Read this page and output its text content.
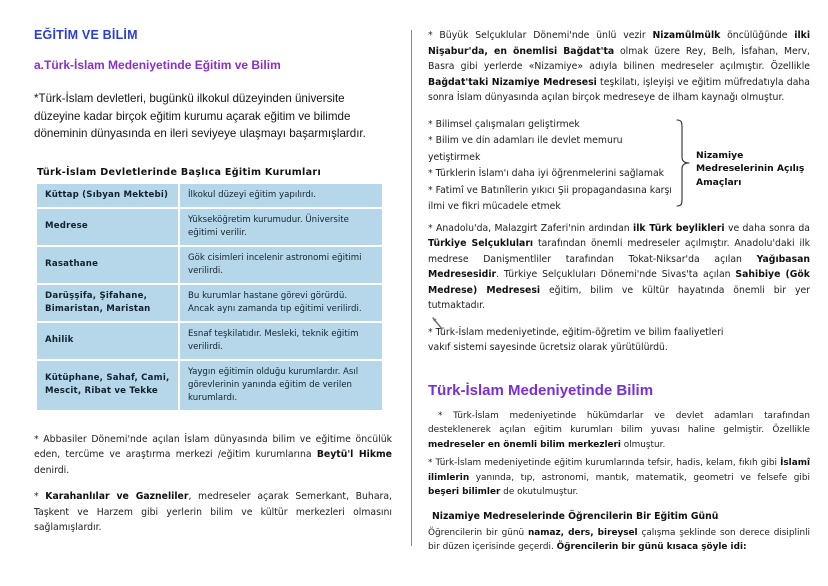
EĞİTİM VE BİLİM
a.Türk-İslam Medeniyetinde Eğitim ve Bilim

*Türk-İslam devletleri, bugünkü ilkokul düzeyinden üniversite düzeyine kadar birçok eğitim kurumu açarak eğitim ve bilimde döneminin dünyasında en ileri seviyeye ulaşmayı başarmışlardır.

Türk-İslam Devletlerinde Başlıca Eğitim Kurumları
Küttap (Sıbyan Mektebi)	İlkokul düzeyi eğitim yapılırdı.
Medrese	Yükseköğretim kurumudur. Üniversite eğitimi verilir.
Rasathane	Gök cisimleri incelenir astronomi eğitimi verilirdi.
Darüşşifa, Şifahane, Bimaristan, Maristan	Bu kurumlar hastane görevi görürdü. Ancak aynı zamanda tıp eğitimi verilirdi.
Ahilik	Esnaf teşkilatıdır. Mesleki, teknik eğitim verilirdi.
Kütüphane, Sahaf, Cami, Mescit, Ribat ve Tekke	Yaygın eğitimin olduğu kurumlardır. Asıl görevlerinin yanında eğitim de verilen kurumlardı.

* Abbasiler Dönemi'nde açılan İslam dünyasında bilim ve eğitime öncülük eden, tercüme ve araştırma merkezi /eğitim kurumlarına Beytü'l Hikme denirdi.

* Karahanlılar ve Gazneliler, medreseler açarak Semerkant, Buhara, Taşkent ve Harzem gibi yerlerin bilim ve kültür merkezleri olmasını sağlamışlardır.

* Büyük Selçuklular Dönemi'nde ünlü vezir Nizamülmülk öncülüğünde ilki Nişabur'da, en önemlisi Bağdat'ta olmak üzere Rey, Belh, İsfahan, Merv, Basra gibi yerlerde «Nizamiye» adıyla bilinen medreseler açılmıştır. Özellikle Bağdat'taki Nizamiye Medresesi teşkilatı, işleyişi ve eğitim müfredatıyla daha sonra İslam dünyasında açılan birçok medreseye de ilham kaynağı olmuştur.

* Bilimsel çalışmaları geliştirmek
* Bilim ve din adamları ile devlet memuru yetiştirmek
* Türklerin İslam'ı daha iyi öğrenmelerini sağlamak
* Fatimî ve Batınîlerin yıkıcı Şii propagandasına karşı ilmi ve fikri mücadele etmek
Nizamiye Medreselerinin Açılış Amaçları

* Anadolu'da, Malazgirt Zaferi'nin ardından ilk Türk beylikleri ve daha sonra da Türkiye Selçukluları tarafından önemli medreseler açılmıştır. Anadolu'daki ilk medrese Danişmentliler tarafından Tokat-Niksar'da açılan Yağıbasan Medresesidir. Türkiye Selçukluları Dönemi'nde Sivas'ta açılan Sahibiye (Gök Medrese) Medresesi eğitim, bilim ve kültür hayatında önemli bir yer tutmaktadır.

* Türk-İslam medeniyetinde, eğitim-öğretim ve bilim faaliyetleri vakıf sistemi sayesinde ücretsiz olarak yürütülürdü.

Türk-İslam Medeniyetinde Bilim

* Türk-İslam medeniyetinde hükümdarlar ve devlet adamları tarafından desteklenerek açılan eğitim kurumları bilim yuvası haline gelmiştir. Özellikle medreseler en önemli bilim merkezleri olmuştur.

* Türk-İslam medeniyetinde eğitim kurumlarında tefsir, hadis, kelam, fıkıh gibi İslamî ilimlerin yanında, tıp, astronomi, mantık, matematik, geometri ve felsefe gibi beşeri bilimler de okutulmuştur.

Nizamiye Medreselerinde Öğrencilerin Bir Eğitim Günü

Öğrencilerin bir günü namaz, ders, bireysel çalışma şeklinde son derece disiplinli bir düzen içerisinde geçerdi. Öğrencilerin bir günü kısaca şöyle idi:
